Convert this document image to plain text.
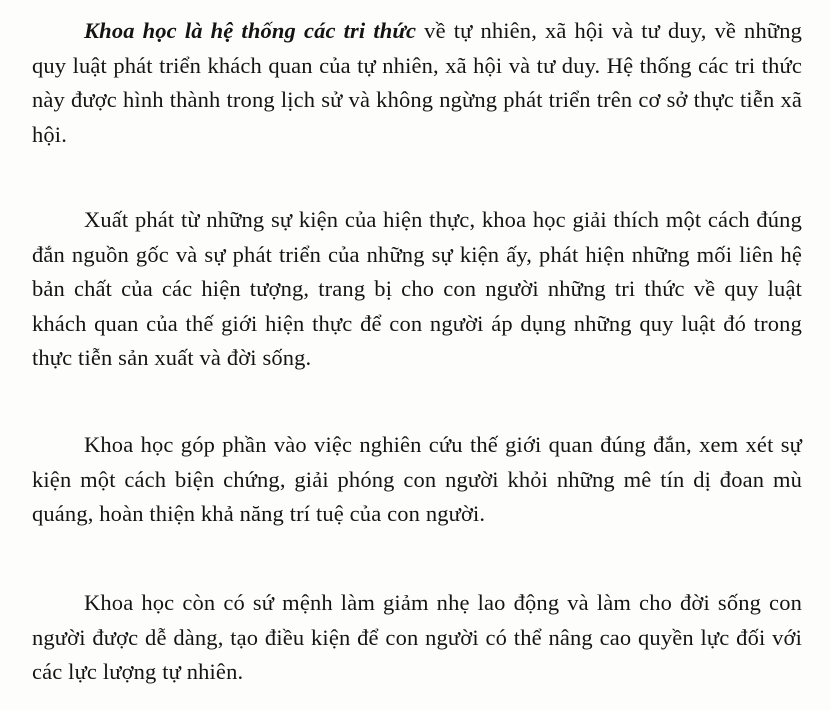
Khoa học là hệ thống các tri thức về tự nhiên, xã hội và tư duy, về những quy luật phát triển khách quan của tự nhiên, xã hội và tư duy. Hệ thống các tri thức này được hình thành trong lịch sử và không ngừng phát triển trên cơ sở thực tiễn xã hội.

Xuất phát từ những sự kiện của hiện thực, khoa học giải thích một cách đúng đắn nguồn gốc và sự phát triển của những sự kiện ấy, phát hiện những mối liên hệ bản chất của các hiện tượng, trang bị cho con người những tri thức về quy luật khách quan của thế giới hiện thực để con người áp dụng những quy luật đó trong thực tiễn sản xuất và đời sống.

Khoa học góp phần vào việc nghiên cứu thế giới quan đúng đắn, xem xét sự kiện một cách biện chứng, giải phóng con người khỏi những mê tín dị đoan mù quáng, hoàn thiện khả năng trí tuệ của con người.

Khoa học còn có sứ mệnh làm giảm nhẹ lao động và làm cho đời sống con người được dễ dàng, tạo điều kiện để con người có thể nâng cao quyền lực đối với các lực lượng tự nhiên.
